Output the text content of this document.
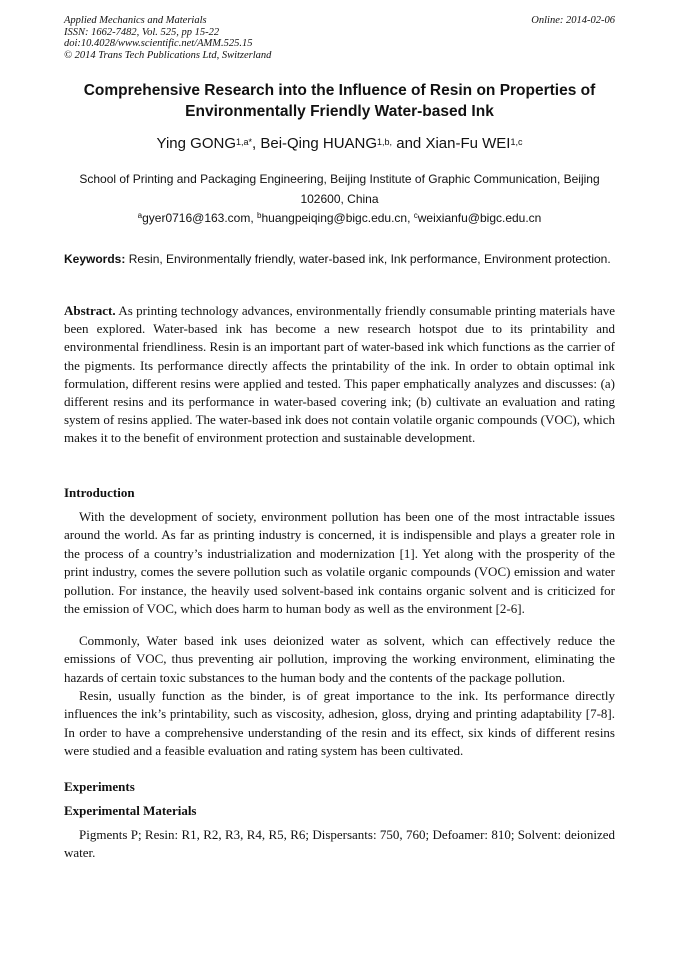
Applied Mechanics and Materials
ISSN: 1662-7482, Vol. 525, pp 15-22
doi:10.4028/www.scientific.net/AMM.525.15
© 2014 Trans Tech Publications Ltd, Switzerland
Online: 2014-02-06
Comprehensive Research into the Influence of Resin on Properties of
Environmentally Friendly Water-based Ink
Ying $GONG^{1,a*}$, Bei-Qing $HUANG^{1,b,}$ and Xian-Fu WEI$^{1,c}$
School of Printing and Packaging Engineering, Beijing Institute of Graphic Communication, Beijing
102600, China
$^a$gyer0716@163.com, $^b$huangpeiqing@bigc.edu.cn, $^c$weixianfu@bigc.edu.cn
Keywords: Resin, Environmentally friendly, water-based ink, Ink performance, Environment protection.
Abstract. As printing technology advances, environmentally friendly consumable printing materials have been explored. Water-based ink has become a new research hotspot due to its printability and environmental friendliness. Resin is an important part of water-based ink which functions as the carrier of the pigments. Its performance directly affects the printability of the ink. In order to obtain optimal ink formulation, different resins were applied and tested. This paper emphatically analyzes and discusses: (a) different resins and its performance in water-based covering ink; (b) cultivate an evaluation and rating system of resins applied. The water-based ink does not contain volatile organic compounds (VOC), which makes it to the benefit of environment protection and sustainable development.
Introduction

With the development of society, environment pollution has been one of the most intractable issues around the world. As far as printing industry is concerned, it is indispensible and plays a greater role in the process of a country’s industrialization and modernization [1]. Yet along with the prosperity of the print industry, comes the severe pollution such as volatile organic compounds (VOC) emission and water pollution. For instance, the heavily used solvent-based ink contains organic solvent and is criticized for the emission of VOC, which does harm to human body as well as the environment [2-6].

Commonly, Water based ink uses deionized water as solvent, which can effectively reduce the emissions of VOC, thus preventing air pollution, improving the working environment, eliminating the hazards of certain toxic substances to the human body and the contents of the package pollution.

Resin, usually function as the binder, is of great importance to the ink. Its performance directly influences the ink’s printability, such as viscosity, adhesion, gloss, drying and printing adaptability [7-8]. In order to have a comprehensive understanding of the resin and its effect, six kinds of different resins were studied and a feasible evaluation and rating system has been cultivated.

Experiments
Experimental Materials

Pigments P; Resin: R1, R2, R3, R4, R5, R6; Dispersants: 750, 760; Defoamer: 810; Solvent: deionized water.
